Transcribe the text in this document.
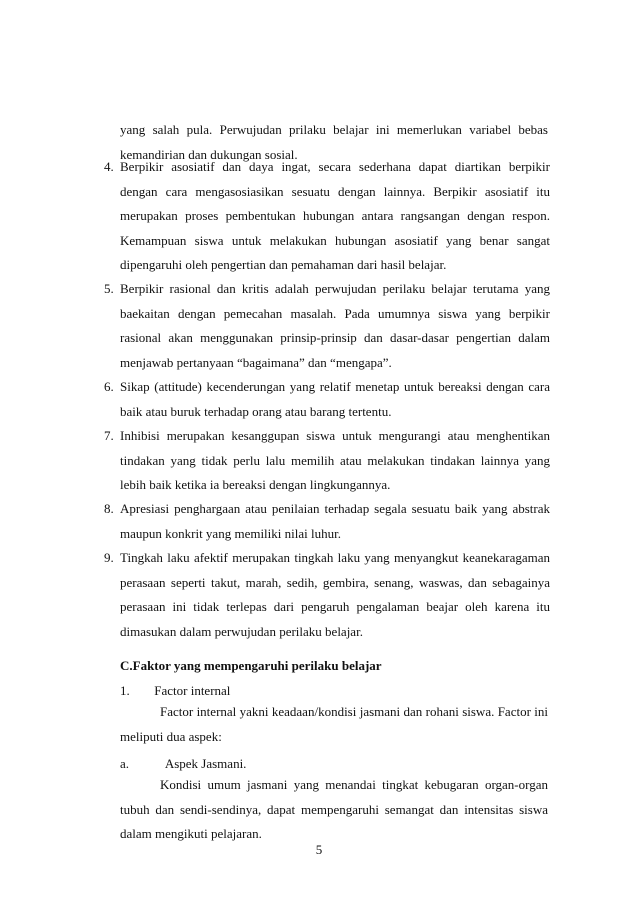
yang salah pula. Perwujudan prilaku belajar ini memerlukan variabel bebas
kemandirian dan dukungan sosial.
4. Berpikir asosiatif dan daya ingat, secara sederhana dapat diartikan berpikir
dengan cara mengasosiasikan sesuatu dengan lainnya. Berpikir asosiatif itu
merupakan proses pembentukan hubungan antara rangsangan dengan respon.
Kemampuan siswa untuk melakukan hubungan asosiatif yang benar sangat
dipengaruhi oleh pengertian dan pemahaman dari hasil belajar.
5. Berpikir rasional dan kritis adalah perwujudan perilaku belajar terutama yang
baekaitan dengan pemecahan masalah. Pada umumnya siswa yang berpikir
rasional akan menggunakan prinsip-prinsip dan dasar-dasar pengertian dalam
menjawab pertanyaan “bagaimana” dan “mengapa”.
6. Sikap (attitude) kecenderungan yang relatif menetap untuk bereaksi dengan cara
baik atau buruk terhadap orang atau barang tertentu.
7. Inhibisi merupakan kesanggupan siswa untuk mengurangi atau menghentikan
tindakan yang tidak perlu lalu memilih atau melakukan tindakan lainnya yang
lebih baik ketika ia bereaksi dengan lingkungannya.
8. Apresiasi penghargaan atau penilaian terhadap segala sesuatu baik yang abstrak
maupun konkrit yang memiliki nilai luhur.
9. Tingkah laku afektif merupakan tingkah laku yang menyangkut keanekaragaman
perasaan seperti takut, marah, sedih, gembira, senang, waswas, dan sebagainya
perasaan ini tidak terlepas dari pengaruh pengalaman beajar oleh karena itu
dimasukan dalam perwujudan perilaku belajar.
C.Faktor yang mempengaruhi perilaku belajar
1. Factor internal
Factor internal yakni keadaan/kondisi jasmani dan rohani siswa. Factor ini
meliputi dua aspek:
a.	Aspek Jasmani.
Kondisi umum jasmani yang menandai tingkat kebugaran organ-organ
tubuh dan sendi-sendinya, dapat mempengaruhi semangat dan intensitas siswa
dalam mengikuti pelajaran.
5
